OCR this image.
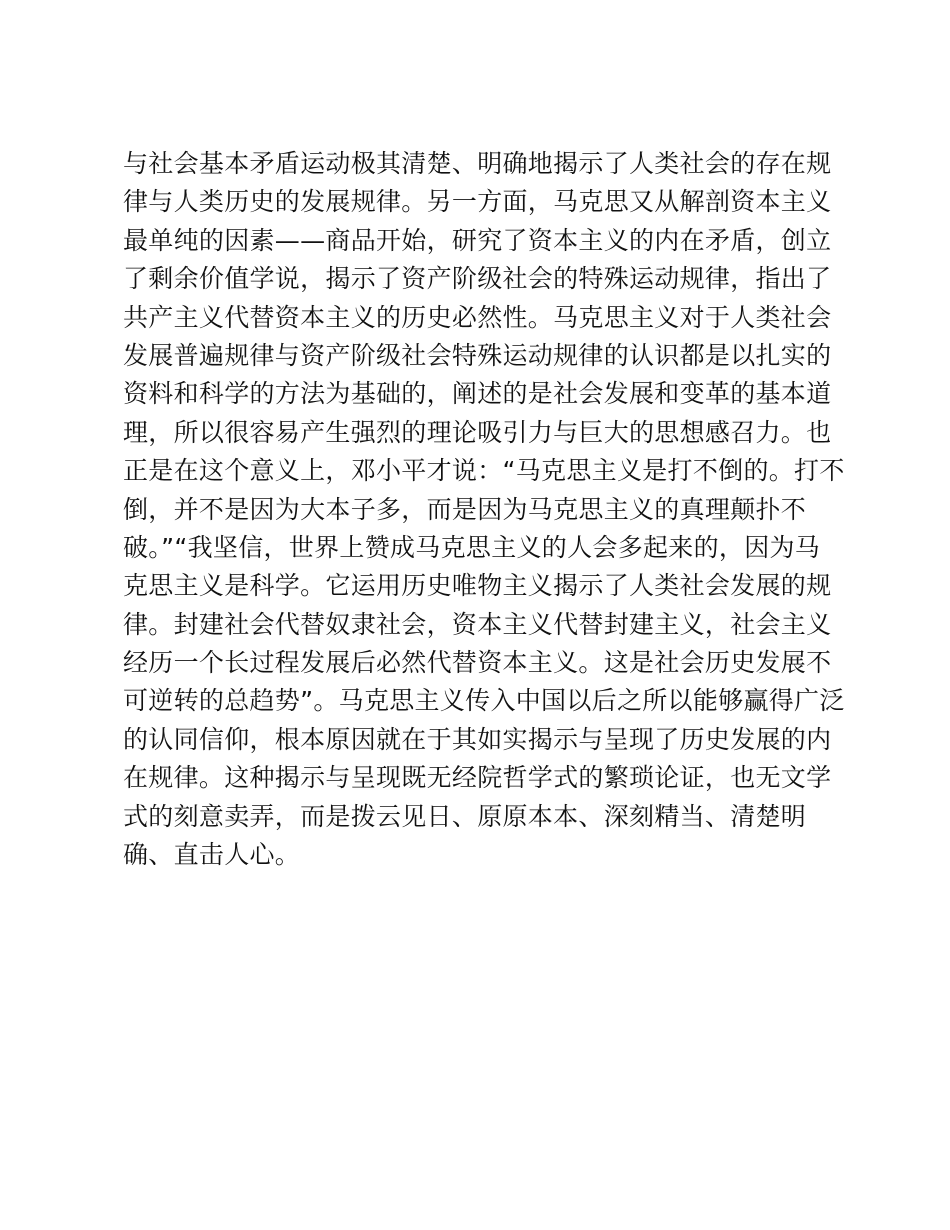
与社会基本矛盾运动极其清楚、明确地揭示了人类社会的存在规
律与人类历史的发展规律。另一方面，马克思又从解剖资本主义
最单纯的因素——商品开始，研究了资本主义的内在矛盾，创立
了剩余价值学说，揭示了资产阶级社会的特殊运动规律，指出了
共产主义代替资本主义的历史必然性。马克思主义对于人类社会
发展普遍规律与资产阶级社会特殊运动规律的认识都是以扎实的
资料和科学的方法为基础的，阐述的是社会发展和变革的基本道
理，所以很容易产生强烈的理论吸引力与巨大的思想感召力。也
正是在这个意义上，邓小平才说：“马克思主义是打不倒的。打不
倒，并不是因为大本子多，而是因为马克思主义的真理颠扑不
破。”“我坚信，世界上赞成马克思主义的人会多起来的，因为马
克思主义是科学。它运用历史唯物主义揭示了人类社会发展的规
律。封建社会代替奴隶社会，资本主义代替封建主义，社会主义
经历一个长过程发展后必然代替资本主义。这是社会历史发展不
可逆转的总趋势”。马克思主义传入中国以后之所以能够赢得广泛
的认同信仰，根本原因就在于其如实揭示与呈现了历史发展的内
在规律。这种揭示与呈现既无经院哲学式的繁琐论证，也无文学
式的刻意卖弄，而是拨云见日、原原本本、深刻精当、清楚明
确、直击人心。
